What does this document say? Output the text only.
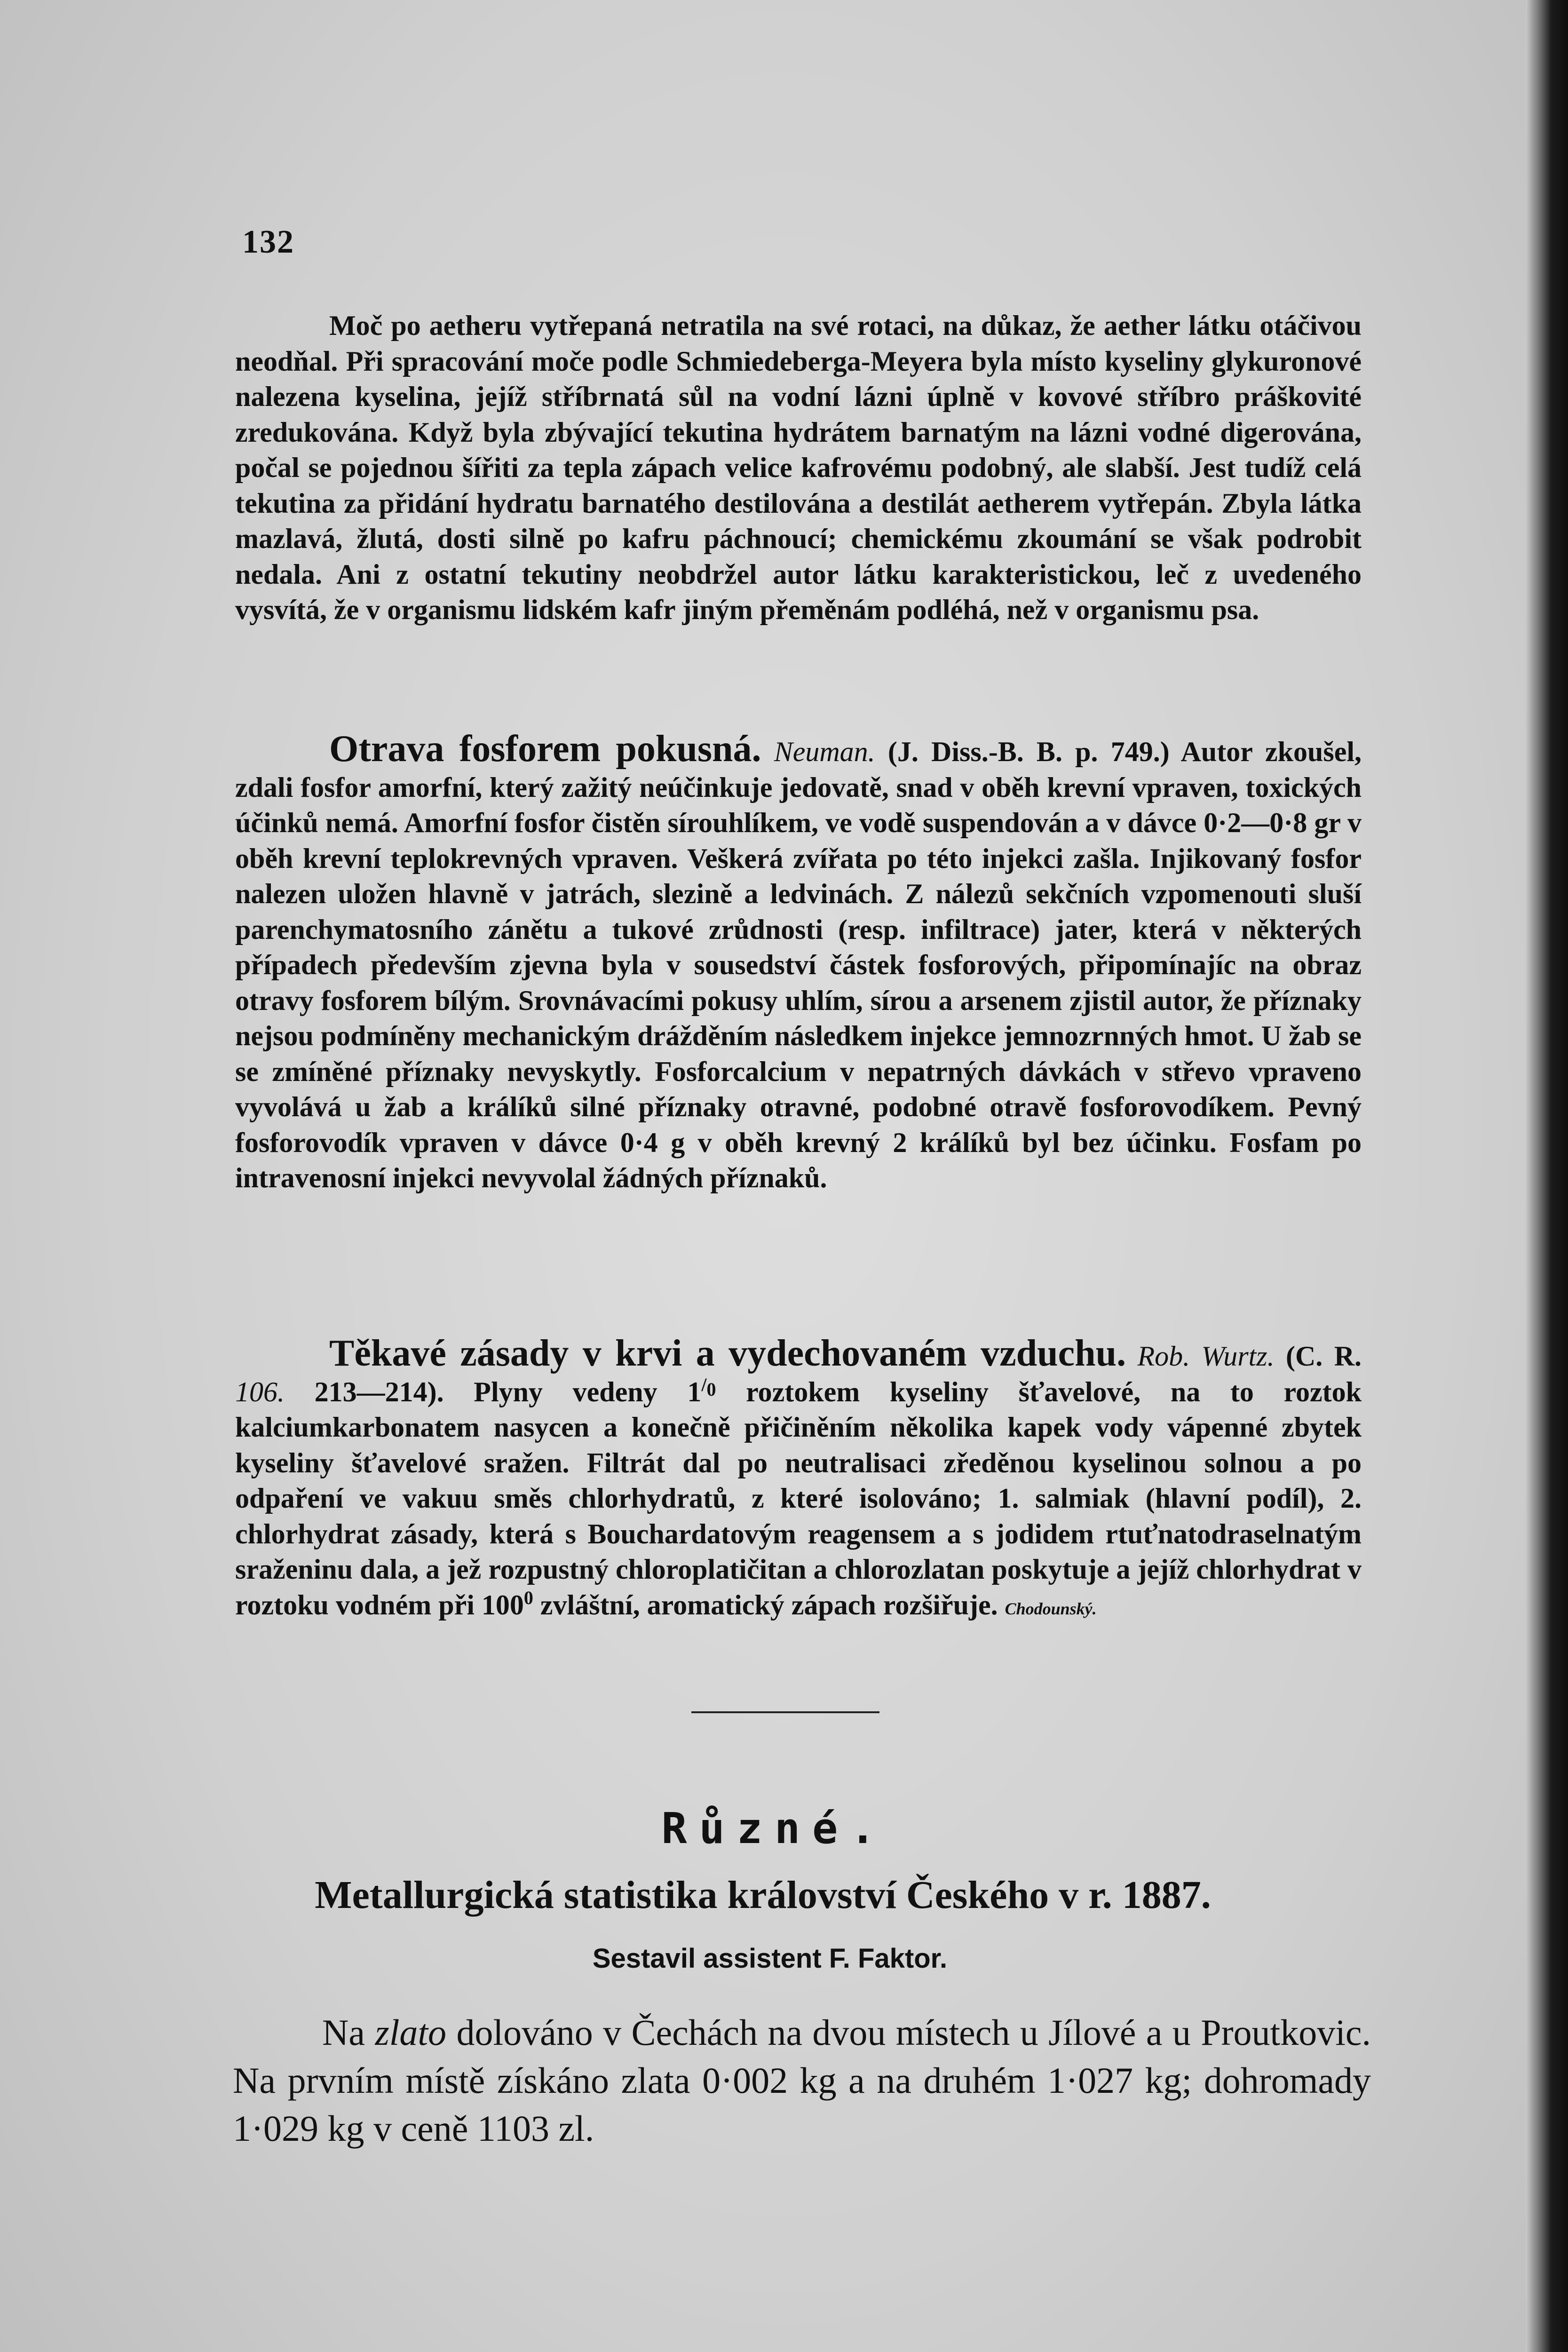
132

Moč po aetheru vytřepaná netratila na své rotaci, na důkaz, že aether látku otáčivou neodňal. Při spracování moče podle Schmiedeberga-Meyera byla místo kyseliny glykuronové nalezena kyselina, jejíž stříbrnatá sůl na vodní lázni úplně v kovové stříbro práškovité zredukována. Když byla zbývající tekutina hydrátem barnatým na lázni vodné digerována, počal se pojednou šířiti za tepla zápach velice kafrovému podobný, ale slabší. Jest tudíž celá tekutina za přidání hydratu barnatého destilována a destilát aetherem vytřepán. Zbyla látka mazlavá, žlutá, dosti silně po kafru páchnoucí; chemickému zkoumání se však podrobit nedala. Ani z ostatní tekutiny neobdržel autor látku karakteristickou, leč z uvedeného vysvítá, že v organismu lidském kafr jiným přeměnám podléhá, než v organismu psa.

Otrava fosforem pokusná. Neuman. (J. Diss.-B. B. p. 749.) Autor zkoušel, zdali fosfor amorfní, který zažitý neúčinkuje jedovatě, snad v oběh krevní vpraven, toxických účinků nemá. Amorfní fosfor čistěn sírouhlíkem, ve vodě suspendován a v dávce 0·2—0·8 gr v oběh krevní teplokrevných vpraven. Veškerá zvířata po této injekci zašla. Injikovaný fosfor nalezen uložen hlavně v jatrách, slezině a ledvinách. Z nálezů sekčních vzpomenouti sluší parenchymatosního zánětu a tukové zrůdnosti (resp. infiltrace) jater, která v některých případech především zjevna byla v sousedství částek fosforových, připomínajíc na obraz otravy fosforem bílým. Srovnávacími pokusy uhlím, sírou a arsenem zjistil autor, že příznaky nejsou podmíněny mechanickým drážděním následkem injekce jemnozrnných hmot. U žab se se zmíněné příznaky nevyskytly. Fosforcalcium v nepatrných dávkách v střevo vpraveno vyvolává u žab a králíků silné příznaky otravné, podobné otravě fosforovodíkem. Pevný fosforovodík vpraven v dávce 0·4 g v oběh krevný 2 králíků byl bez účinku. Fosfam po intravenosní injekci nevyvolal žádných příznaků.

Těkavé zásady v krvi a vydechovaném vzduchu. Rob. Wurtz. (C. R. 106. 213—214). Plyny vedeny $1^{/0}$ roztokem kyseliny šťavelové, na to roztok kalciumkarbonatem nasycen a konečně přičiněním několika kapek vody vápenné zbytek kyseliny šťavelové sražen. Filtrát dal po neutralisaci zředěnou kyselinou solnou a po odpaření ve vakuu směs chlorhydratů, z které isolováno; 1. salmiak (hlavní podíl), 2. chlorhydrat zásady, která s Bouchardatovým reagensem a s jodidem rtuťnatodraselnatým sraženinu dala, a jež rozpustný chloroplatičitan a chlorozlatan poskytuje a jejíž chlorhydrat v roztoku vodném při $100^0$ zvláštní, aromatický zápach rozšiřuje. Chodounský.

Různé.
Metallurgická statistika království Českého v r. 1887.
Sestavil assistent F. Faktor.

Na zlato dolováno v Čechách na dvou místech u Jílové a u Proutkovic. Na prvním místě získáno zlata 0·002 kg a na druhém 1·027 kg; dohromady 1·029 kg v ceně 1103 zl.
